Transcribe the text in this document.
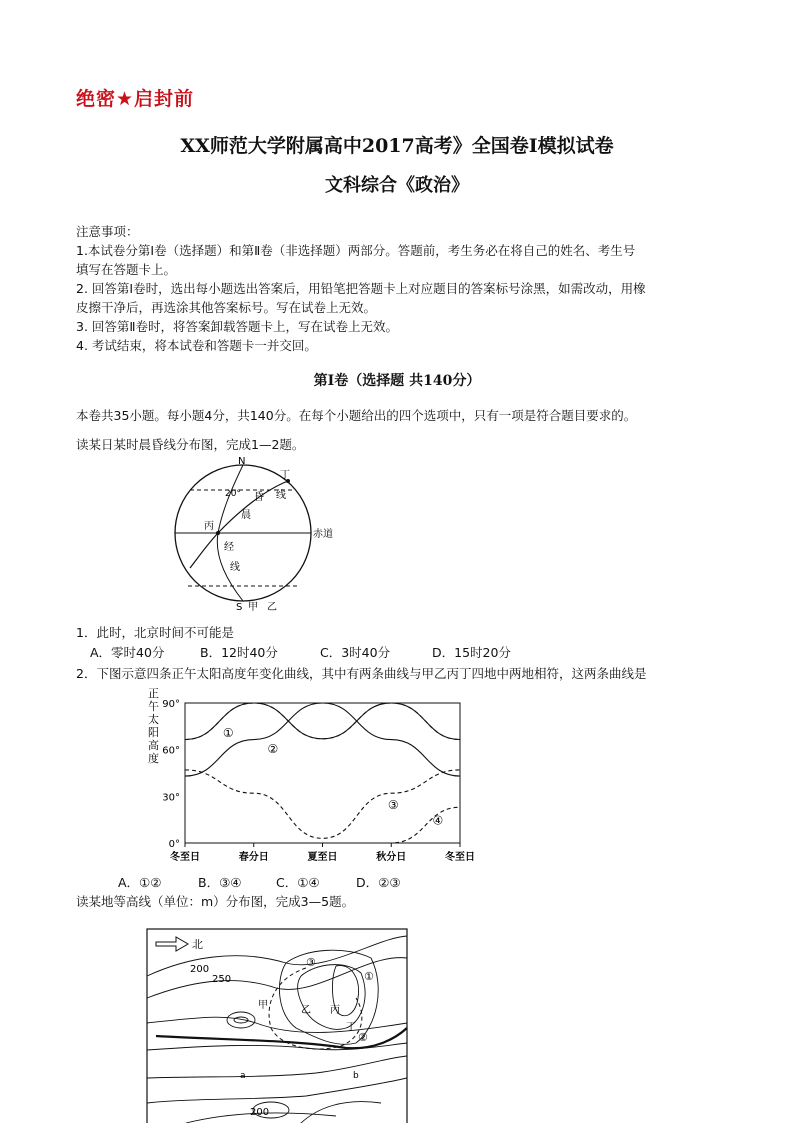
绝密★启封前
XX师范大学附属高中2017高考》全国卷Ⅰ模拟试卷
文科综合《政治》
注意事项：
1.本试卷分第Ⅰ卷（选择题）和第Ⅱ卷（非选择题）两部分。答题前，考生务必在将自己的姓名、考生号
填写在答题卡上。
2. 回答第Ⅰ卷时，选出每小题选出答案后，用铅笔把答题卡上对应题目的答案标号涂黑，如需改动，用橡
皮擦干净后，再选涂其他答案标号。写在试卷上无效。
3. 回答第Ⅱ卷时，将答案卸载答题卡上，写在试卷上无效。
4. 考试结束，将本试卷和答题卡一并交回。
第Ⅰ卷（选择题 共140分）
本卷共35小题。每小题4分，共140分。在每个小题给出的四个选项中，只有一项是符合题目要求的。
读某日某时晨昏线分布图，完成1—2题。
N
S 甲 乙
丁
丙
20° 昏 线
晨
经
线
赤道
1．此时，北京时间不可能是
A．零时40分	B．12时40分	C．3时40分	D．15时20分
2．下图示意四条正午太阳高度年变化曲线，其中有两条曲线与甲乙丙丁四地中两地相符，这两条曲线是
正
午
太
阳
高
度
0°
30°
60°
90°
冬至日	春分日	夏至日	秋分日	冬至日
①
②
③
④
A．①②	B．③④	C．①④	D．②③
读某地等高线（单位：m）分布图，完成3—5题。
北
200
250
200
甲	乙 丙
丁
①
②
③
a	b
